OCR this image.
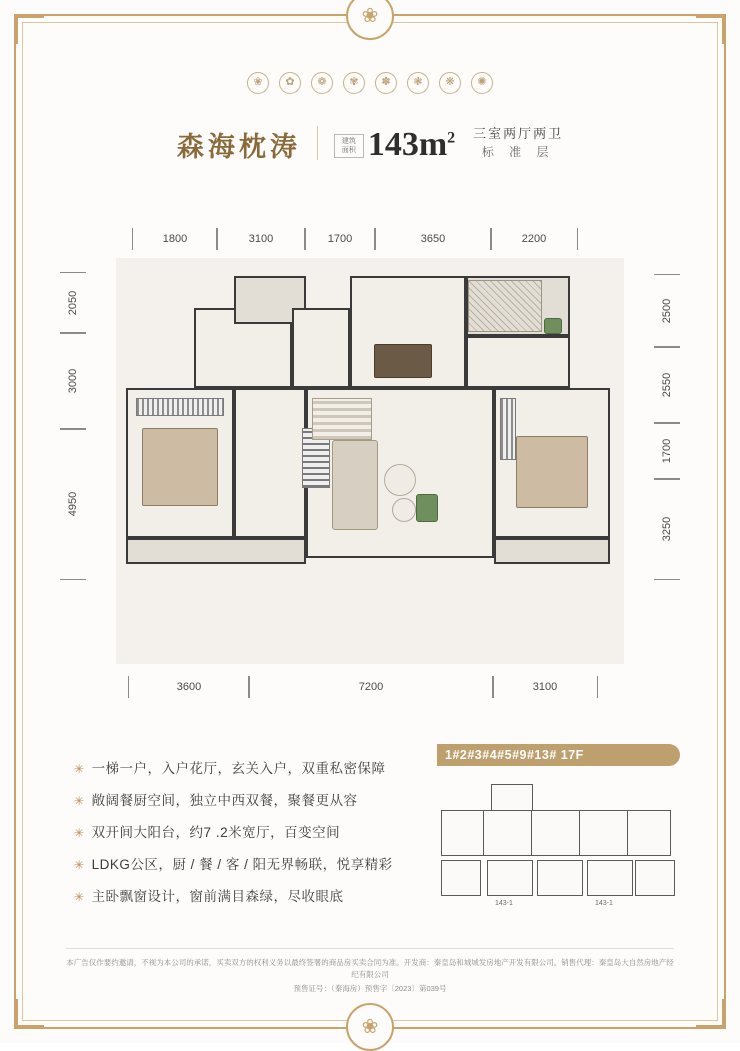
❀
❀
❀	✿	❁	✾	✽	❃	❋	✺
森海枕涛	建筑
面积 $143m^2$ 三室两厅两卫
标 准 层
1800	3100	1700	3650	2200
2050
3000
4950
2500
2550
1700
3250
3600	7200	3100
✳ 一梯一户，入户花厅，玄关入户，双重私密保障
✳ 敞阔餐厨空间，独立中西双餐，聚餐更从容
✳ 双开间大阳台，约7 .2米宽厅，百变空间
✳ LDKG公区，厨 / 餐 / 客 / 阳无界畅联，悦享精彩
✳ 主卧飘窗设计，窗前满目森绿，尽收眼底
1#2#3#4#5#9#13# 17F
143-1	143-1
本广告仅作要约邀请，不视为本公司的承诺，买卖双方的权利义务以最终签署的商品房买卖合同为准。开发商：秦皇岛和城城发房地产开发有限公司。销售代理：秦皇岛大自然房地产经纪有限公司
预售证号：（秦海房）预售字〔2023〕第039号
